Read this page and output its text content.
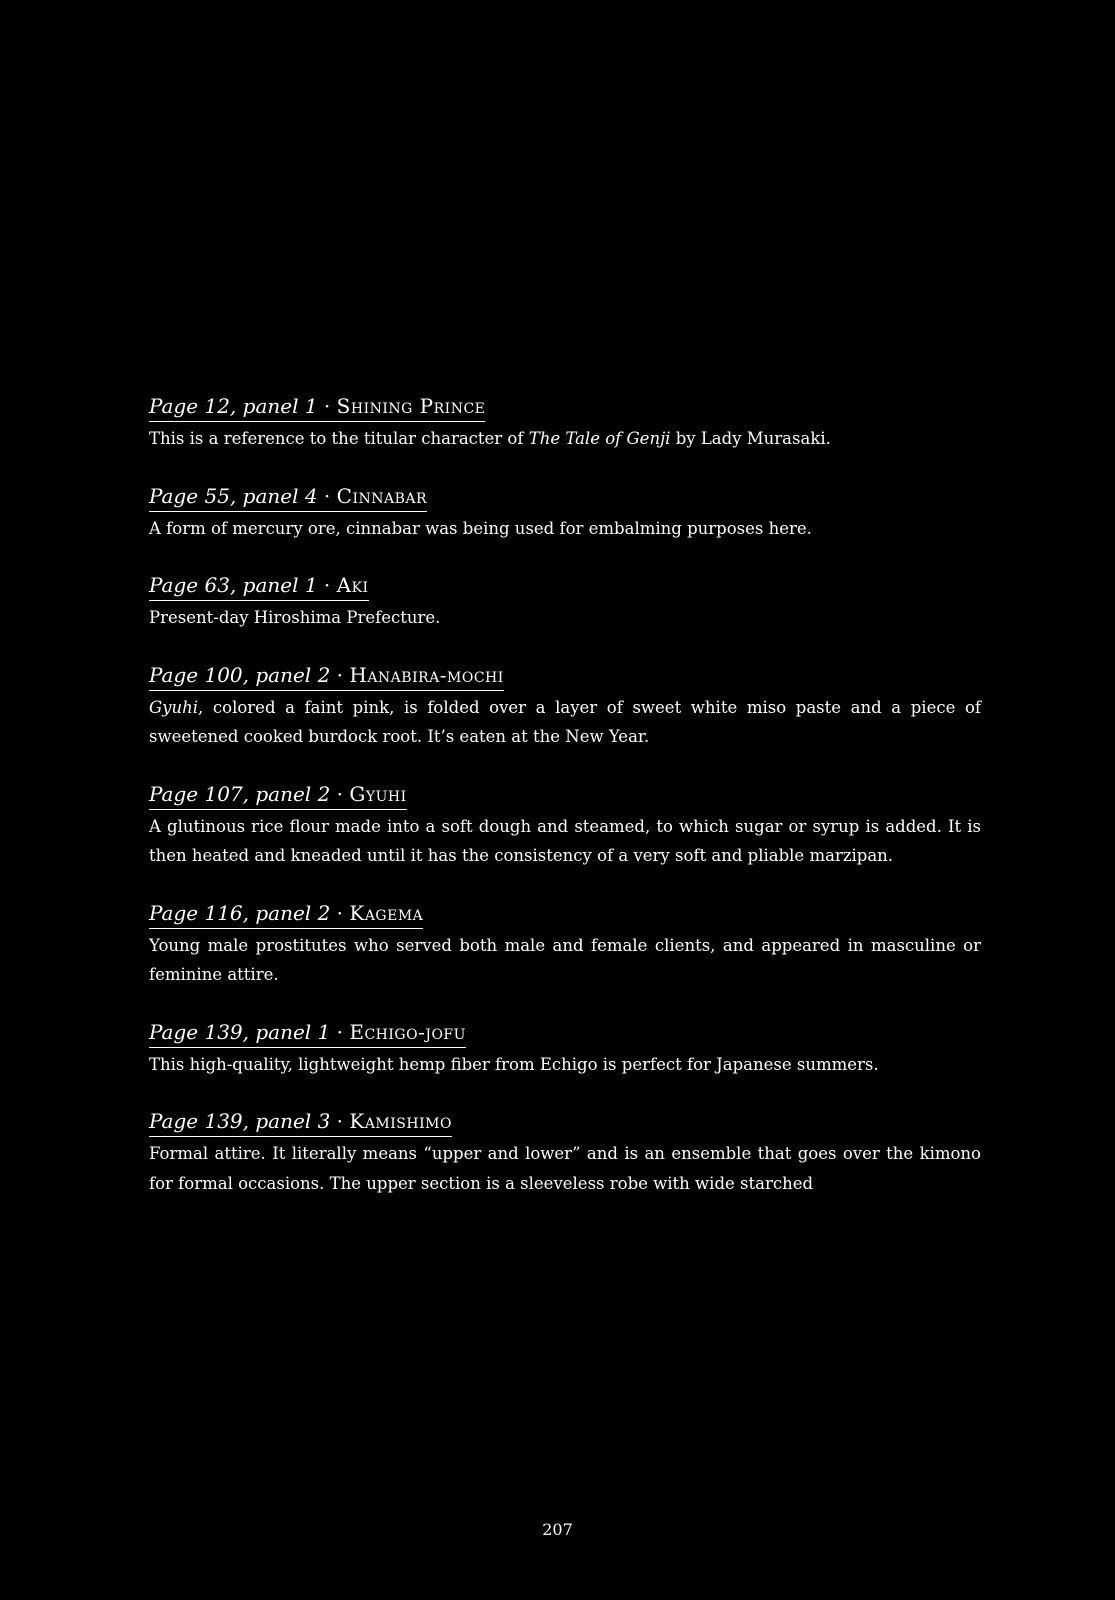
Page 12, panel 1 · Shining Prince
This is a reference to the titular character of The Tale of Genji by Lady Murasaki.
Page 55, panel 4 · Cinnabar
A form of mercury ore, cinnabar was being used for embalming purposes here.
Page 63, panel 1 · Aki
Present-day Hiroshima Prefecture.
Page 100, panel 2 · Hanabira-mochi
Gyuhi, colored a faint pink, is folded over a layer of sweet white miso paste and a piece of sweetened cooked burdock root. It’s eaten at the New Year.
Page 107, panel 2 · Gyuhi
A glutinous rice flour made into a soft dough and steamed, to which sugar or syrup is added. It is then heated and kneaded until it has the consistency of a very soft and pliable marzipan.
Page 116, panel 2 · Kagema
Young male prostitutes who served both male and female clients, and appeared in masculine or feminine attire.
Page 139, panel 1 · Echigo-jofu
This high-quality, lightweight hemp fiber from Echigo is perfect for Japanese summers.
Page 139, panel 3 · Kamishimo
Formal attire. It literally means “upper and lower” and is an ensemble that goes over the kimono for formal occasions. The upper section is a sleeveless robe with wide starched
207
